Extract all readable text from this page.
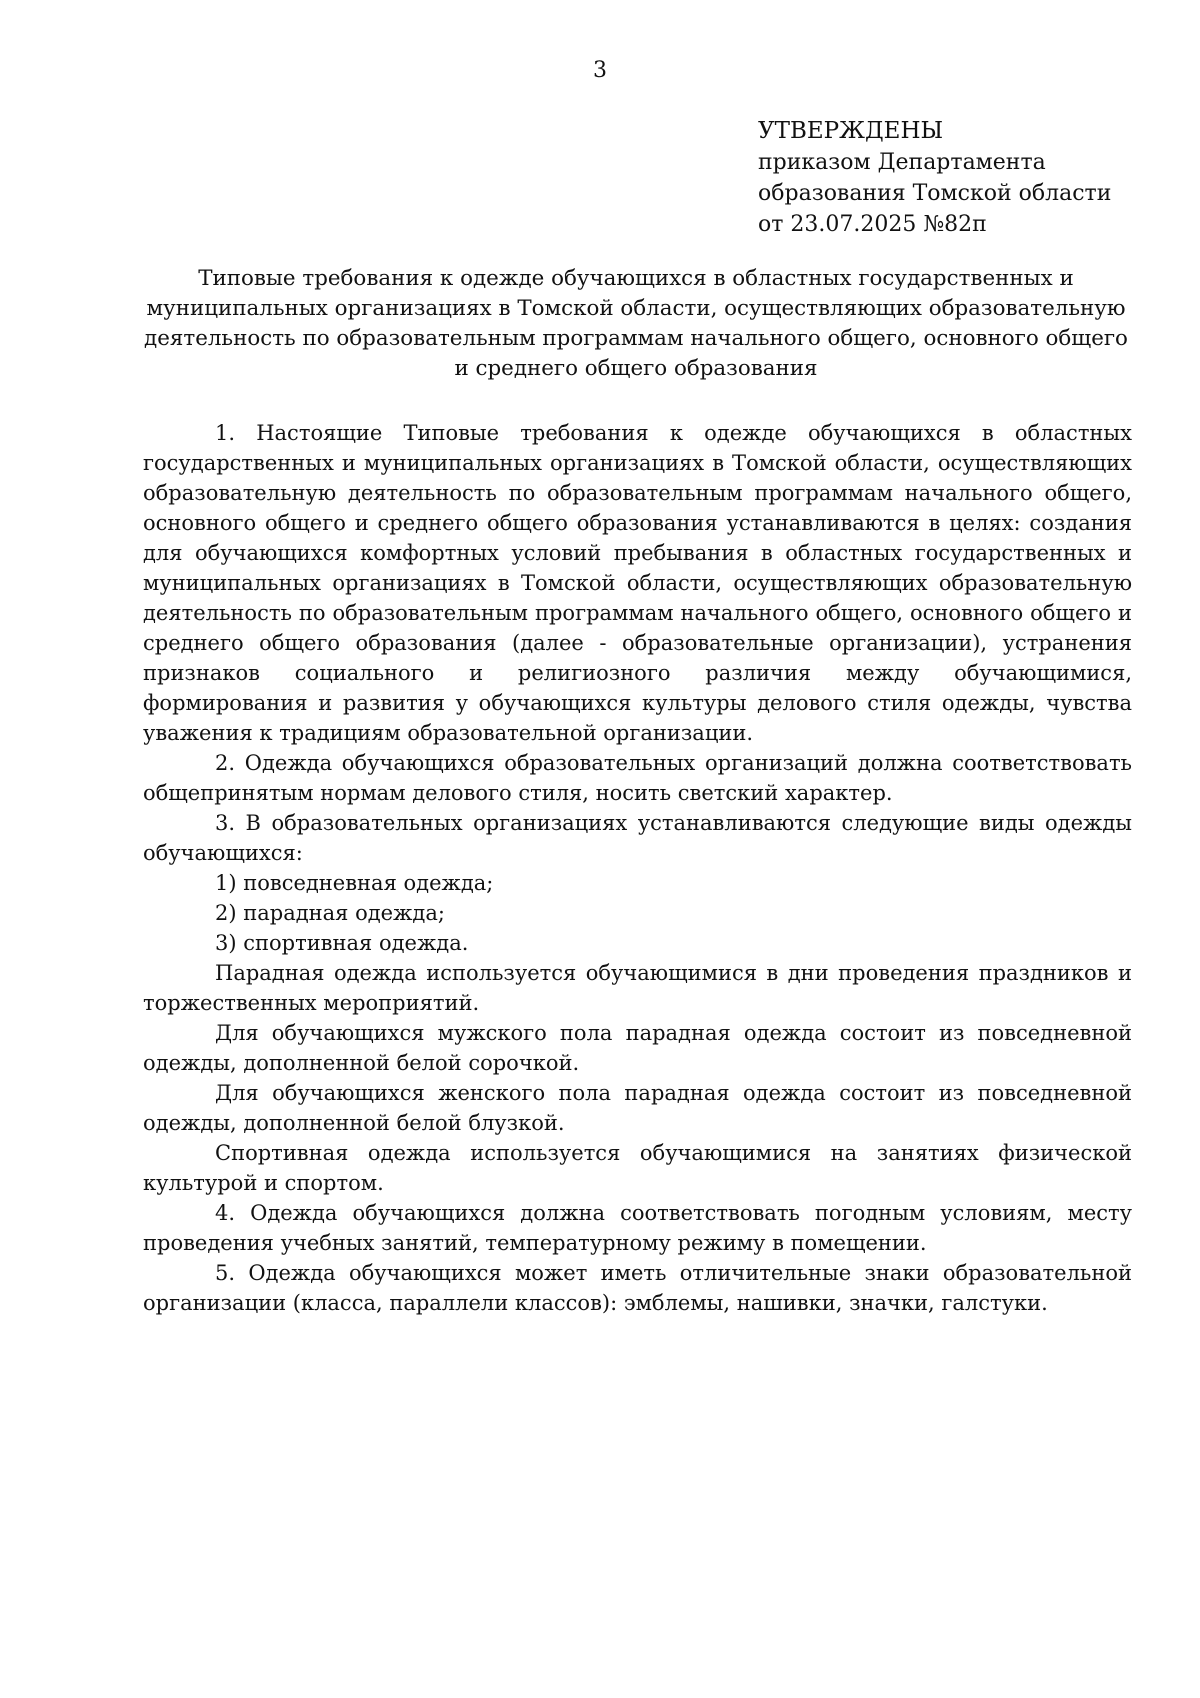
3
УТВЕРЖДЕНЫ
приказом Департамента
образования Томской области
от 23.07.2025 №82п
Типовые требования к одежде обучающихся в областных государственных и муниципальных организациях в Томской области, осуществляющих образовательную деятельность по образовательным программам начального общего, основного общего и среднего общего образования

1. Настоящие Типовые требования к одежде обучающихся в областных государственных и муниципальных организациях в Томской области, осуществляющих образовательную деятельность по образовательным программам начального общего, основного общего и среднего общего образования устанавливаются в целях: создания для обучающихся комфортных условий пребывания в областных государственных и муниципальных организациях в Томской области, осуществляющих образовательную деятельность по образовательным программам начального общего, основного общего и среднего общего образования (далее - образовательные организации), устранения признаков социального и религиозного различия между обучающимися, формирования и развития у обучающихся культуры делового стиля одежды, чувства уважения к традициям образовательной организации.

2. Одежда обучающихся образовательных организаций должна соответствовать общепринятым нормам делового стиля, носить светский характер.

3. В образовательных организациях устанавливаются следующие виды одежды обучающихся:

1) повседневная одежда;

2) парадная одежда;

3) спортивная одежда.

Парадная одежда используется обучающимися в дни проведения праздников и торжественных мероприятий.

Для обучающихся мужского пола парадная одежда состоит из повседневной одежды, дополненной белой сорочкой.

Для обучающихся женского пола парадная одежда состоит из повседневной одежды, дополненной белой блузкой.

Спортивная одежда используется обучающимися на занятиях физической культурой и спортом.

4. Одежда обучающихся должна соответствовать погодным условиям, месту проведения учебных занятий, температурному режиму в помещении.

5. Одежда обучающихся может иметь отличительные знаки образовательной организации (класса, параллели классов): эмблемы, нашивки, значки, галстуки.
